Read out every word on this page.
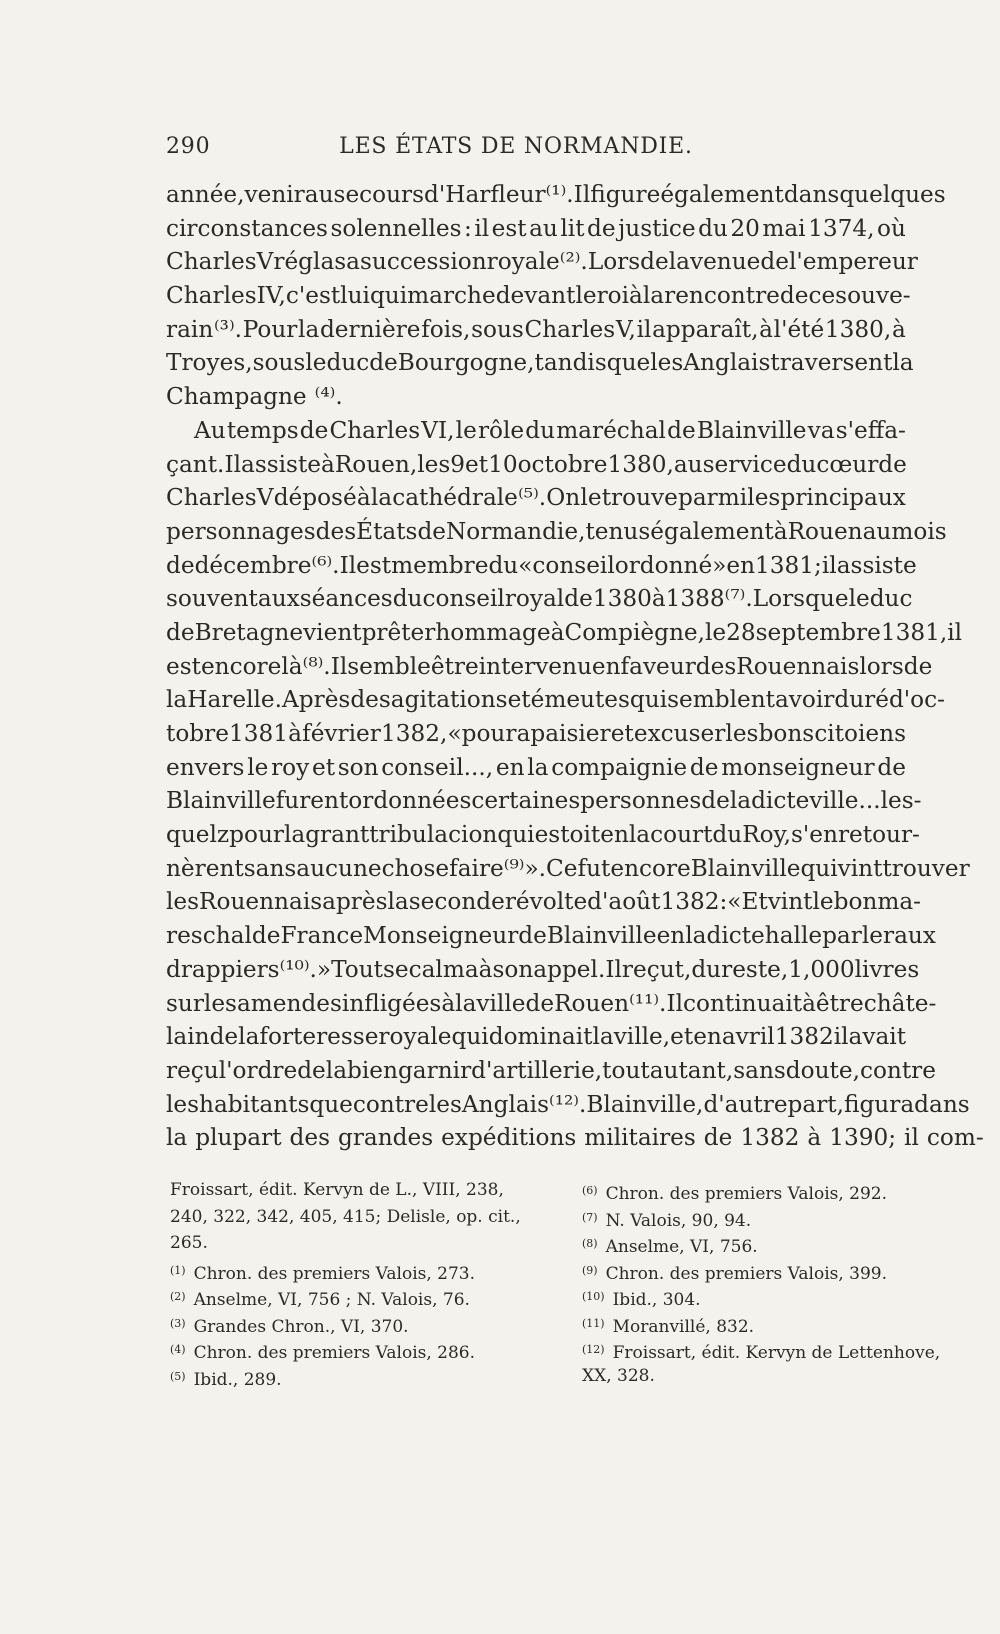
290	LES ÉTATS DE NORMANDIE.
année, venir au secours d'Harfleur ⁽¹⁾. Il figure également dans quelques
circonstances solennelles : il est au lit de justice du 20 mai 1374, où
Charles V régla sa succession royale ⁽²⁾. Lors de la venue de l'empereur
Charles IV, c'est lui qui marche devant le roi à la rencontre de ce souve-
rain ⁽³⁾. Pour la dernière fois, sous Charles V, il apparaît, à l'été 1380, à
Troyes, sous le duc de Bourgogne, tandis que les Anglais traversent la
Champagne ⁽⁴⁾.
Au temps de Charles VI, le rôle du maréchal de Blainville va s'effa-
çant. Il assiste à Rouen, les 9 et 10 octobre 1380, au service du cœur de
Charles V déposé à la cathédrale ⁽⁵⁾. On le trouve parmi les principaux
personnages des États de Normandie, tenus également à Rouen au mois
de décembre ⁽⁶⁾. Il est membre du «conseil ordonné» en 1381; il assiste
souvent aux séances du conseil royal de 1380 à 1388 ⁽⁷⁾. Lorsque le duc
de Bretagne vient prêter hommage à Compiègne, le 28 septembre 1381, il
est encore là ⁽⁸⁾. Il semble être intervenu en faveur des Rouennais lors de
la Harelle. Après des agitations et émeutes qui semblent avoir duré d'oc-
tobre 1381 à février 1382, «pour apaisier et excuser les bons citoiens
envers le roy et son conseil..., en la compaignie de monseigneur de
Blainville furent ordonnées certaines personnes de la dicte ville... les-
quelz pour la grant tribulacion qui estoit en la court du Roy, s'en retour-
nèrent sans aucune chose faire ⁽⁹⁾». Ce fut encore Blainville qui vint trouver
les Rouennais après la seconde révolte d'août 1382 : «Et vint le bon ma-
reschal de France Monseigneur de Blainville en la dicte halle parler aux
drappiers ⁽¹⁰⁾.» Tout se calma à son appel. Il reçut, du reste, 1,000 livres
sur les amendes infligées à la ville de Rouen ⁽¹¹⁾. Il continuait à être châte-
lain de la forteresse royale qui dominait la ville, et en avril 1382 il avait
reçu l'ordre de la bien garnir d'artillerie, tout autant, sans doute, contre
les habitants que contre les Anglais ⁽¹²⁾. Blainville, d'autre part, figura dans
la plupart des grandes expéditions militaires de 1382 à 1390; il com-
Froissart, édit. Kervyn de L., VIII, 238,
240, 322, 342, 405, 415; Delisle, op. cit.,
265.
$^{(1)}$ Chron. des premiers Valois, 273.
$^{(2)}$ Anselme, VI, 756 ; N. Valois, 76.
$^{(3)}$ Grandes Chron., VI, 370.
$^{(4)}$ Chron. des premiers Valois, 286.
$^{(5)}$ Ibid., 289.
$^{(6)}$ Chron. des premiers Valois, 292.
$^{(7)}$ N. Valois, 90, 94.
$^{(8)}$ Anselme, VI, 756.
$^{(9)}$ Chron. des premiers Valois, 399.
$^{(10)}$ Ibid., 304.
$^{(11)}$ Moranvillé, 832.
$^{(12)}$ Froissart, édit. Kervyn de Lettenhove,
XX, 328.
